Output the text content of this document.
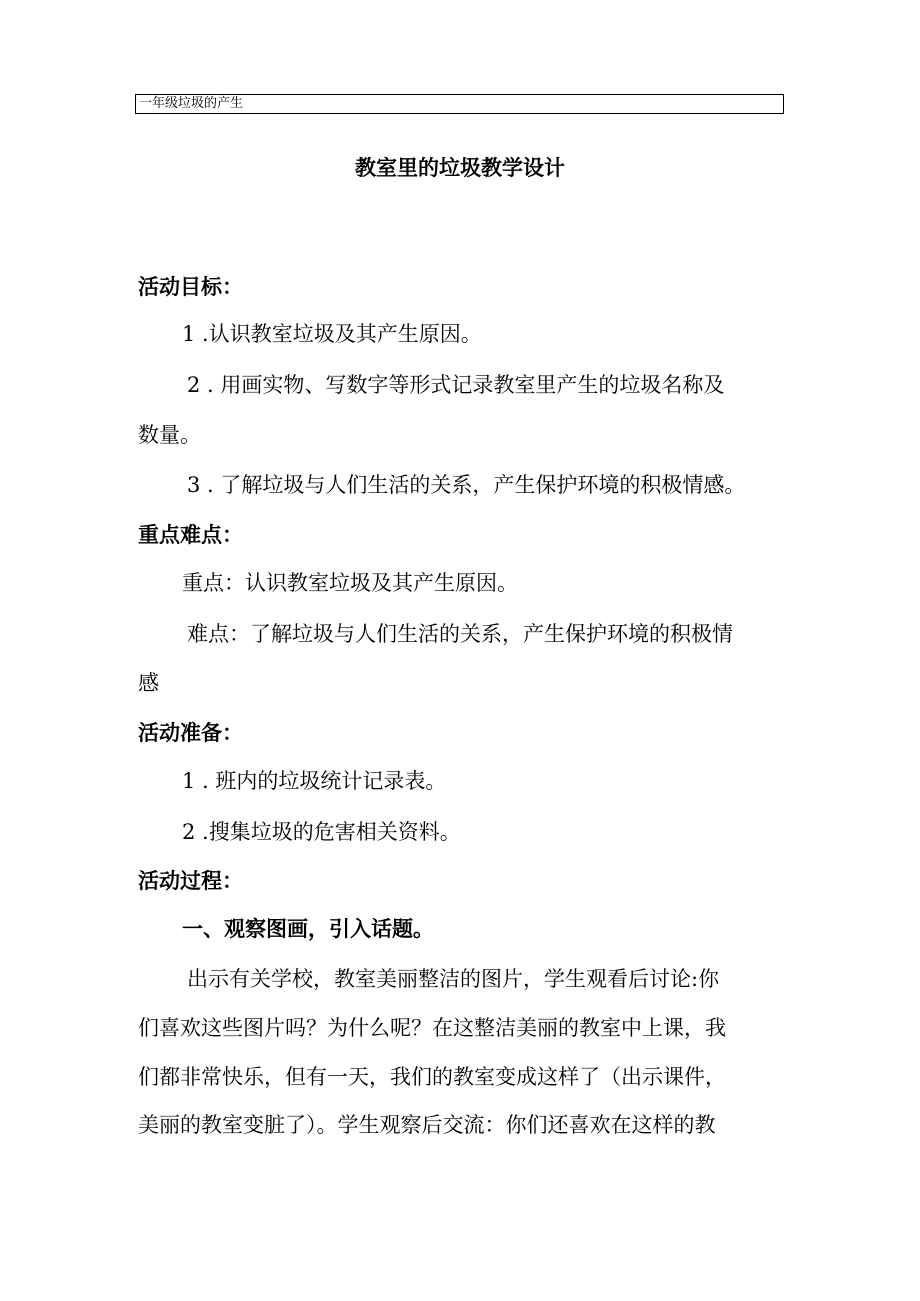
一年级垃圾的产生
教室里的垃圾教学设计
活动目标：
1 .认识教室垃圾及其产生原因。
2 . 用画实物、写数字等形式记录教室里产生的垃圾名称及
数量。
3 . 了解垃圾与人们生活的关系，产生保护环境的积极情感。
重点难点：
重点：认识教室垃圾及其产生原因。
难点：了解垃圾与人们生活的关系，产生保护环境的积极情
感
活动准备：
1 . 班内的垃圾统计记录表。
2 .搜集垃圾的危害相关资料。
活动过程：
一、观察图画，引入话题。
出示有关学校，教室美丽整洁的图片，学生观看后讨论:你
们喜欢这些图片吗？为什么呢？在这整洁美丽的教室中上课，我
们都非常快乐，但有一天，我们的教室变成这样了（出示课件，
美丽的教室变脏了）。学生观察后交流：你们还喜欢在这样的教
